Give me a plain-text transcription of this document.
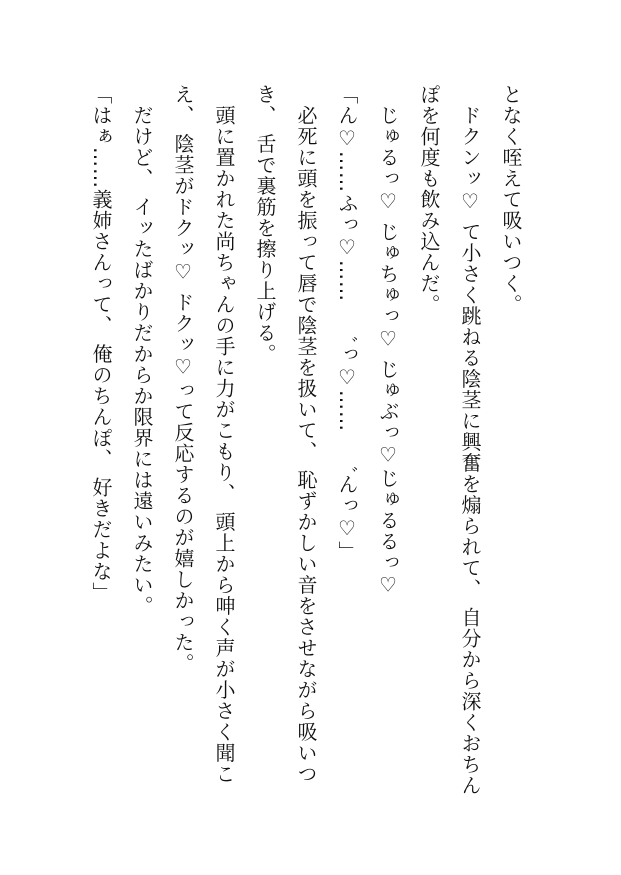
となく咥えて吸いつく。

　ドクンッ♡ て小さく跳ねる陰茎に興奮を煽られて、 自分から深くおちん

ぽを何度も飲み込んだ。

　じゅるっ♡ じゅちゅっ♡ じゅぶっ♡じゅるるっ♡

「ん♡……ふっ♡……　゛っ♡……　゛んっ♡」

　必死に頭を振って唇で陰茎を扱いて、 恥ずかしい音をさせながら吸いつ

き、 舌で裏筋を擦り上げる。

　頭に置かれた尚ちゃんの手に力がこもり、 頭上から呻く声が小さく聞こ

え、 陰茎がドクッ♡ ドクッ♡って反応するのが嬉しかった。

　だけど、 イッたばかりだからか限界には遠いみたい。

「はぁ……義姉さんって、 俺のちんぽ、 好きだよな」
